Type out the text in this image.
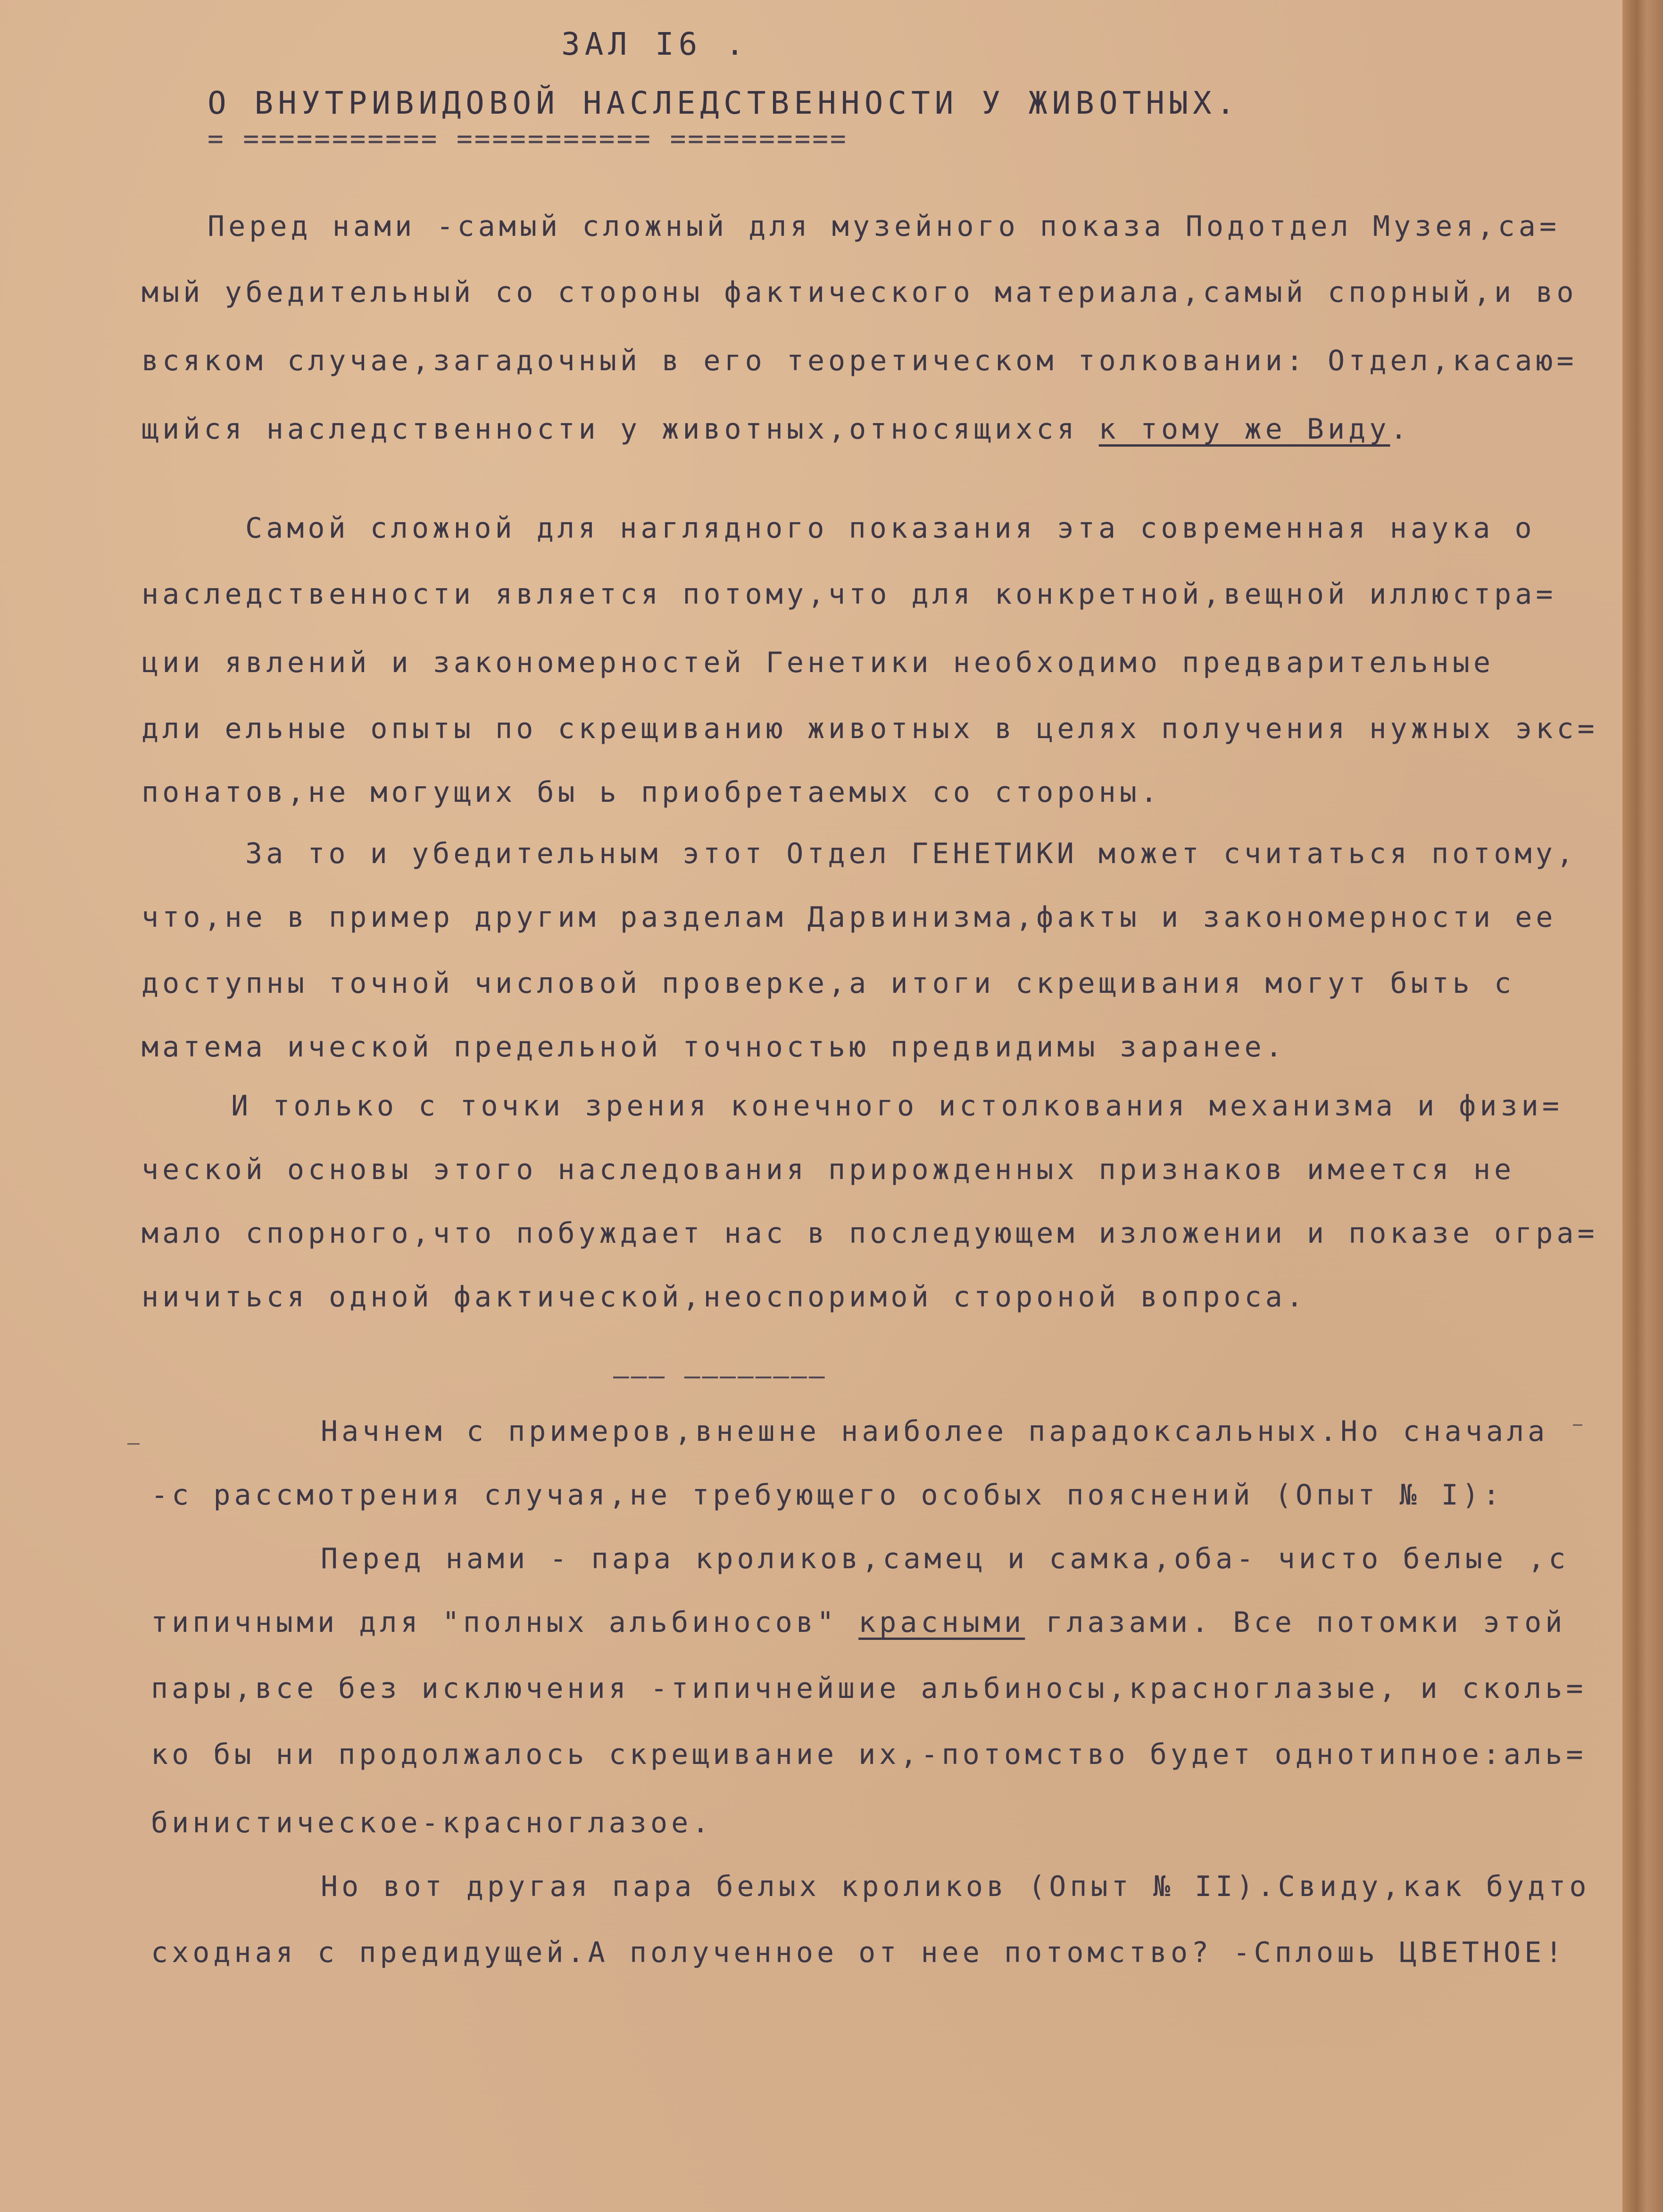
ЗАЛ I6 .
О ВНУТРИВИДОВОЙ НАСЛЕДСТВЕННОСТИ У ЖИВОТНЫХ.
= =========== =========== ==========
Перед нами -самый сложный для музейного показа Подотдел Музея,са=
мый убедительный со стороны фактического материала,самый спорный,и во
всяком случае,загадочный в его теоретическом толковании: Отдел,касаю=
щийся наследственности у животных,относящихся к тому же Виду.
Самой сложной для наглядного показания эта современная наука о
наследственности является потому,что для конкретной,вещной иллюстра=
ции явлений и закономерностей Генетики необходимо предварительные
дли ельные опыты по скрещиванию животных в целях получения нужных экс=
понатов,не могущих бы ь приобретаемых со стороны.
За то и убедительным этот Отдел ГЕНЕТИКИ может считаться потому,
что,не в пример другим разделам Дарвинизма,факты и закономерности ее
доступны точной числовой проверке,а итоги скрещивания могут быть с
матема ической предельной точностью предвидимы заранее.
И только с точки зрения конечного истолкования механизма и физи=
ческой основы этого наследования прирожденных признаков имеется не
мало спорного,что побуждает нас в последующем изложении и показе огра=
ничиться одной фактической,неоспоримой стороной вопроса.
——— ————————
Начнем с примеров,внешне наиболее парадоксальных.Но сначала
-с рассмотрения случая,не требующего особых пояснений (Опыт № I):
Перед нами - пара кроликов,самец и самка,оба- чисто белые ,с
типичными для "полных альбиносов" красными глазами. Все потомки этой
пары,все без исключения -типичнейшие альбиносы,красноглазые, и сколь=
ко бы ни продолжалось скрещивание их,-потомство будет однотипное:аль=
бинистическое-красноглазое.
Но вот другая пара белых кроликов (Опыт № II).Свиду,как будто
сходная с предидущей.А полученное от нее потомство? -Сплошь ЦВЕТНОЕ!
